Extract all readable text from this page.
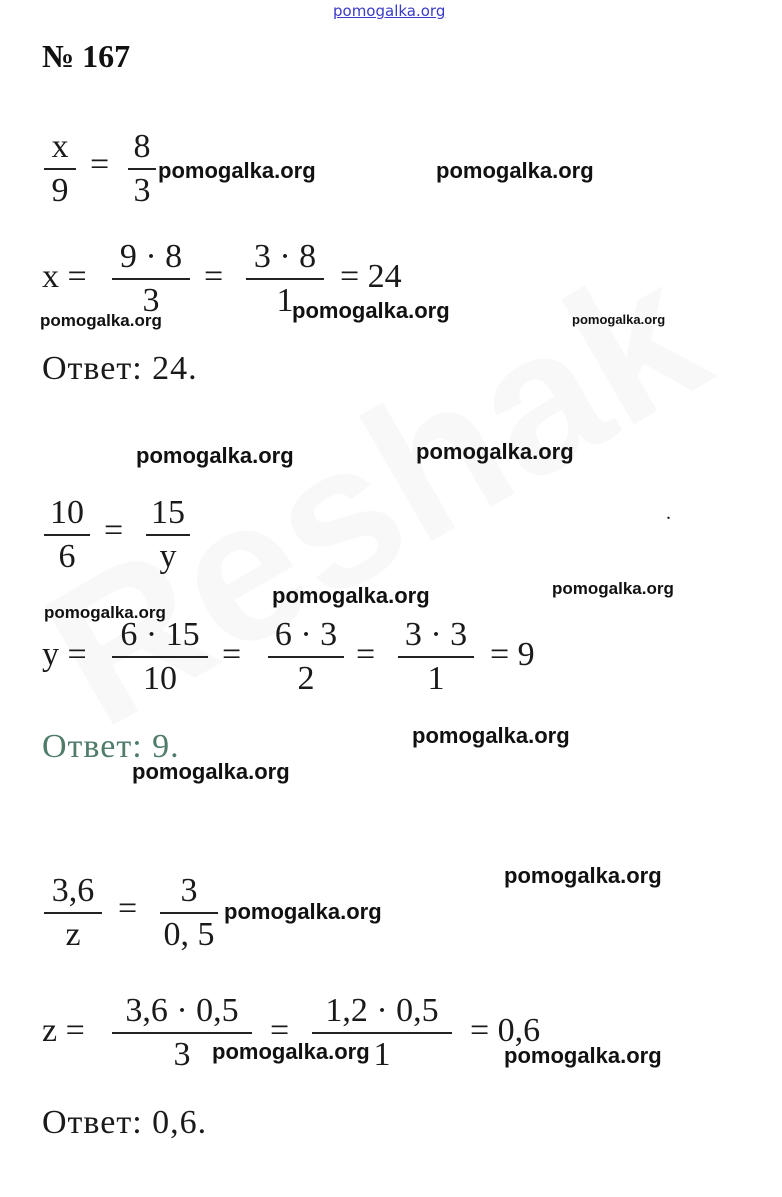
pomogalka.org
№ 167
x
9
= 8
3
x =
9 · 8
3
=
3 · 8
1
= 24
Ответ: 24.
10
6
= 15
y
.
y =
6 · 15
10
=
6 · 3
2
=
3 · 3
1
= 9
Ответ: 9.
3,6
z
= 3
0, 5
z =
3,6 · 0,5
3
=
1,2 · 0,5
1
= 0,6
Ответ: 0,6.
pomogalka.org	pomogalka.org
pomogalka.org	pomogalka.org	pomogalka.org
pomogalka.org	pomogalka.org
pomogalka.org
pomogalka.org	pomogalka.org
pomogalka.org
pomogalka.org
pomogalka.org
pomogalka.org
pomogalka.org	pomogalka.org
